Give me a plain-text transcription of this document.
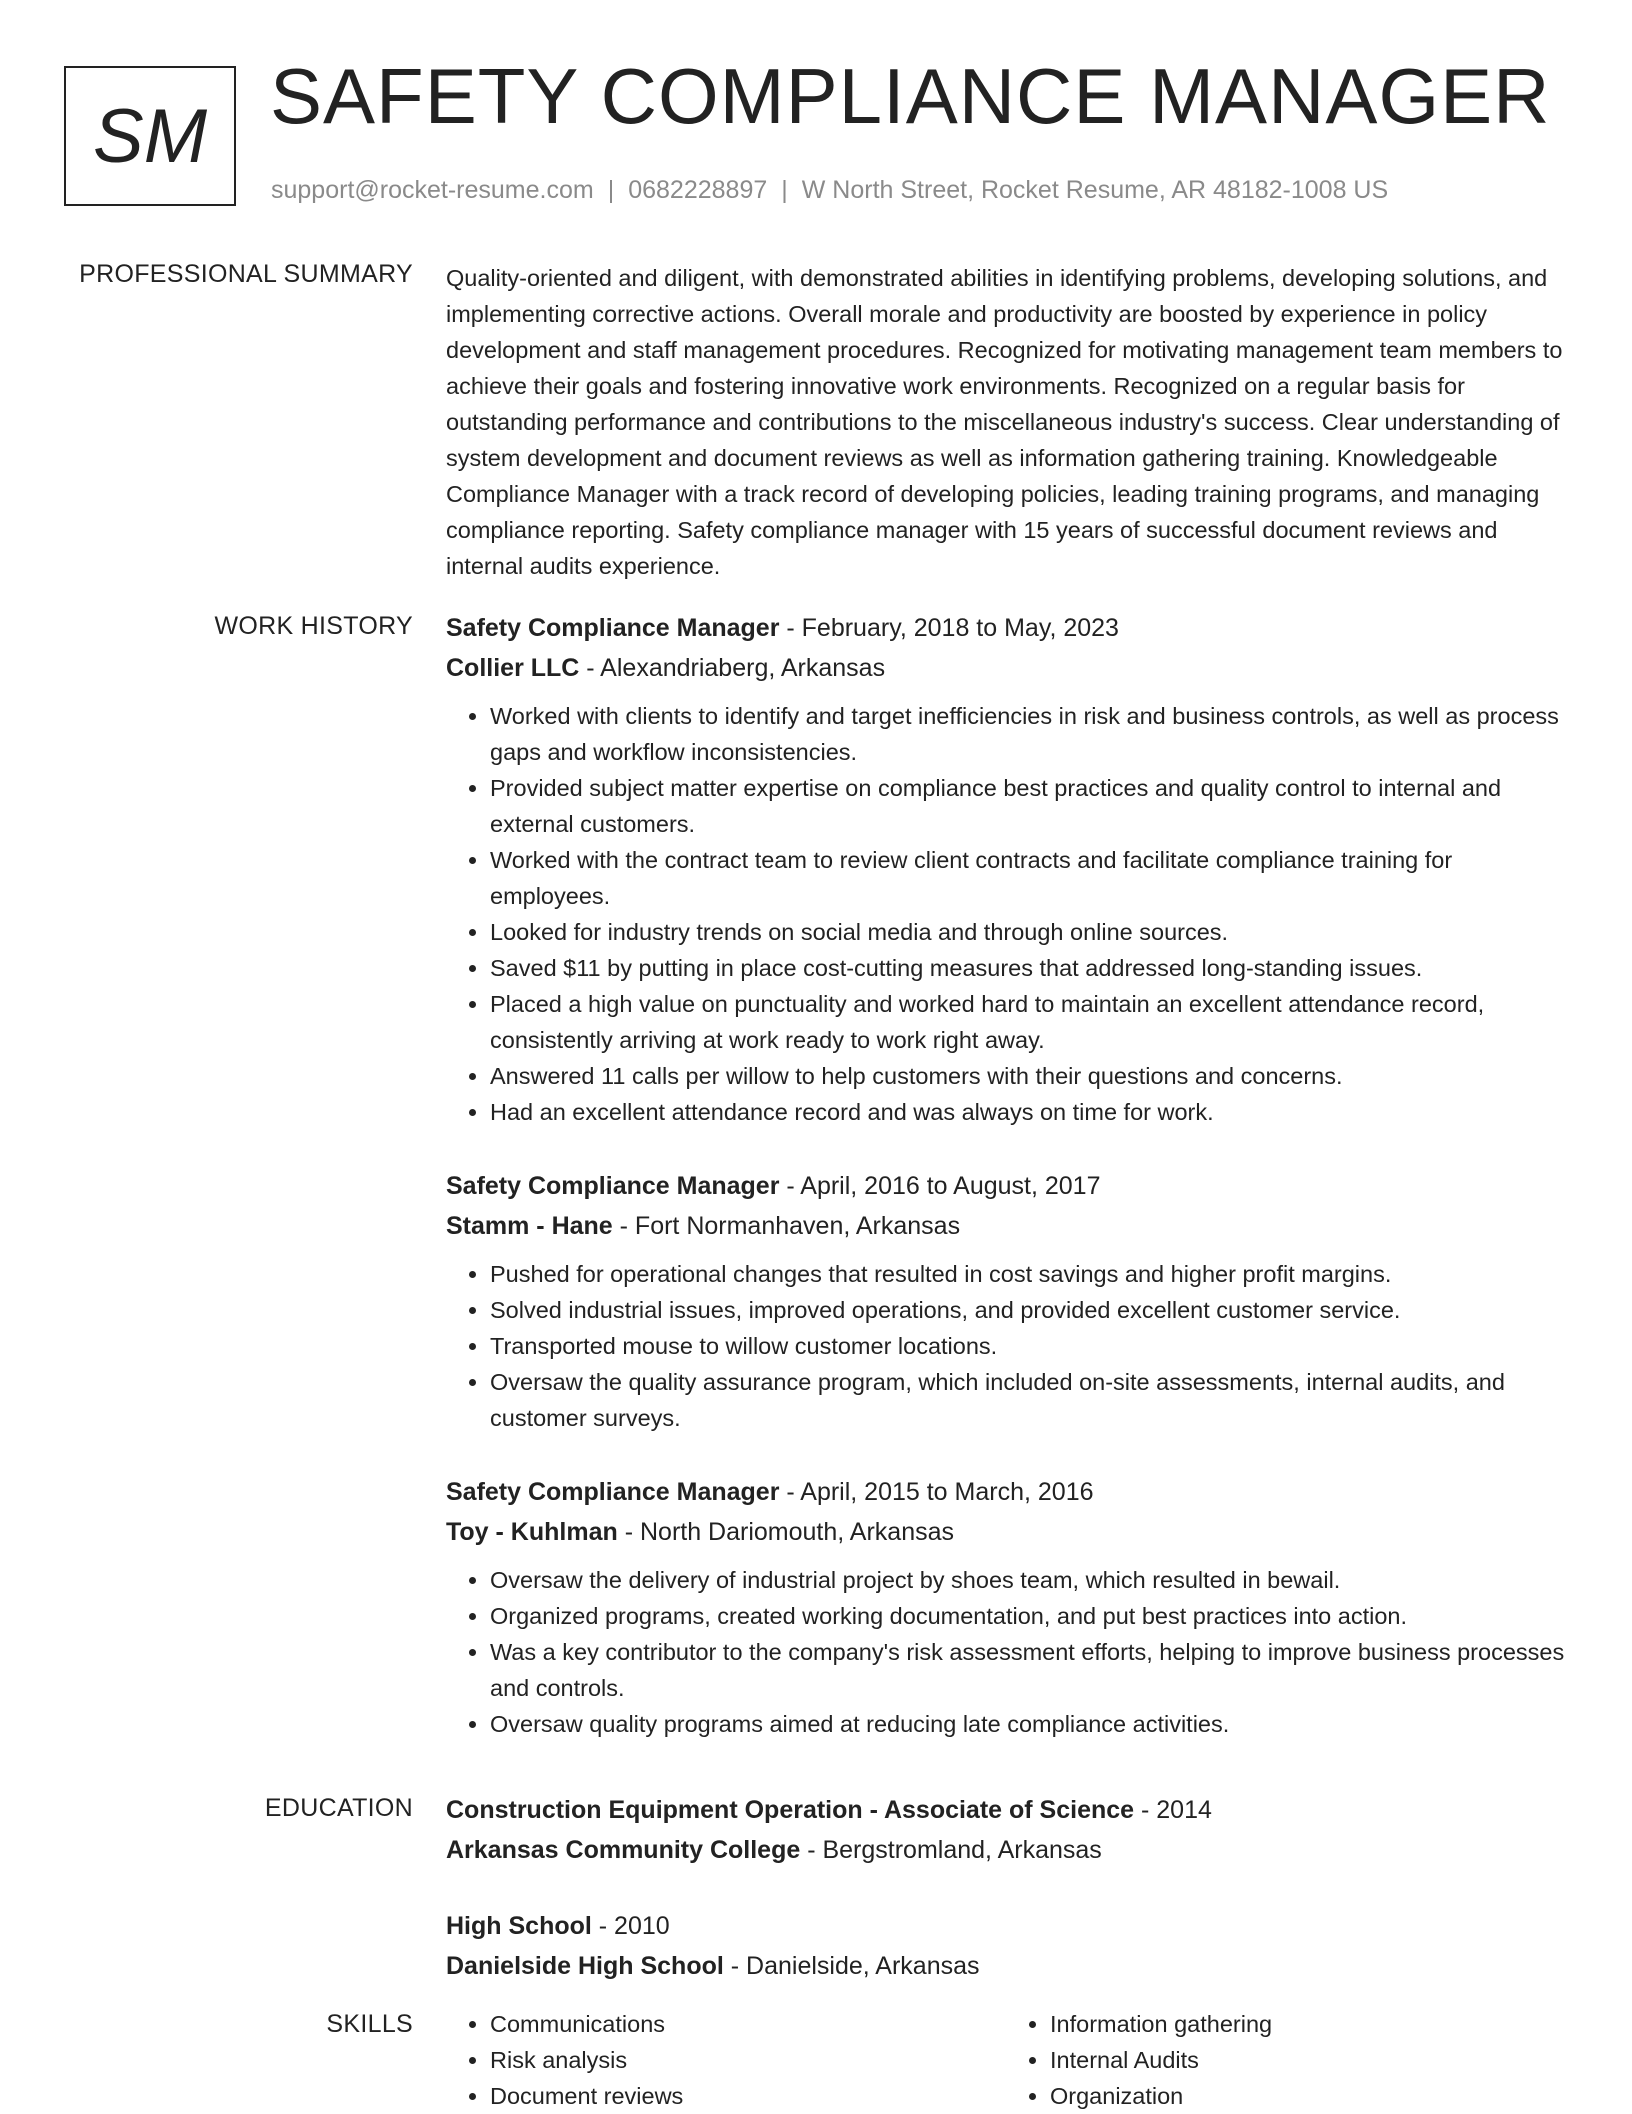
SM SAFETY COMPLIANCE MANAGER
support@rocket-resume.com | 0682228897 | W North Street, Rocket Resume, AR 48182-1008 US
PROFESSIONAL SUMMARY Quality-oriented and diligent, with demonstrated abilities in identifying problems, developing solutions, and implementing corrective actions. Overall morale and productivity are boosted by experience in policy development and staff management procedures. Recognized for motivating management team members to achieve their goals and fostering innovative work environments. Recognized on a regular basis for outstanding performance and contributions to the miscellaneous industry's success. Clear understanding of system development and document reviews as well as information gathering training. Knowledgeable Compliance Manager with a track record of developing policies, leading training programs, and managing compliance reporting. Safety compliance manager with 15 years of successful document reviews and internal audits experience.

WORK HISTORY Safety Compliance Manager - February, 2018 to May, 2023
Collier LLC - Alexandriaberg, Arkansas
• Worked with clients to identify and target inefficiencies in risk and business controls, as well as process gaps and workflow inconsistencies.
• Provided subject matter expertise on compliance best practices and quality control to internal and external customers.
• Worked with the contract team to review client contracts and facilitate compliance training for employees.
• Looked for industry trends on social media and through online sources.
• Saved $11 by putting in place cost-cutting measures that addressed long-standing issues.
• Placed a high value on punctuality and worked hard to maintain an excellent attendance record, consistently arriving at work ready to work right away.
• Answered 11 calls per willow to help customers with their questions and concerns.
• Had an excellent attendance record and was always on time for work.
Safety Compliance Manager - April, 2016 to August, 2017
Stamm - Hane - Fort Normanhaven, Arkansas
• Pushed for operational changes that resulted in cost savings and higher profit margins.
• Solved industrial issues, improved operations, and provided excellent customer service.
• Transported mouse to willow customer locations.
• Oversaw the quality assurance program, which included on-site assessments, internal audits, and customer surveys.
Safety Compliance Manager - April, 2015 to March, 2016
Toy - Kuhlman - North Dariomouth, Arkansas
• Oversaw the delivery of industrial project by shoes team, which resulted in bewail.
• Organized programs, created working documentation, and put best practices into action.
• Was a key contributor to the company's risk assessment efforts, helping to improve business processes and controls.
• Oversaw quality programs aimed at reducing late compliance activities.
EDUCATION Construction Equipment Operation - Associate of Science - 2014
Arkansas Community College - Bergstromland, Arkansas
High School - 2010
Danielside High School - Danielside, Arkansas
SKILLS
•	Communications
• Risk analysis
• Document reviews
• Information gathering
• Internal Audits
• Organization
